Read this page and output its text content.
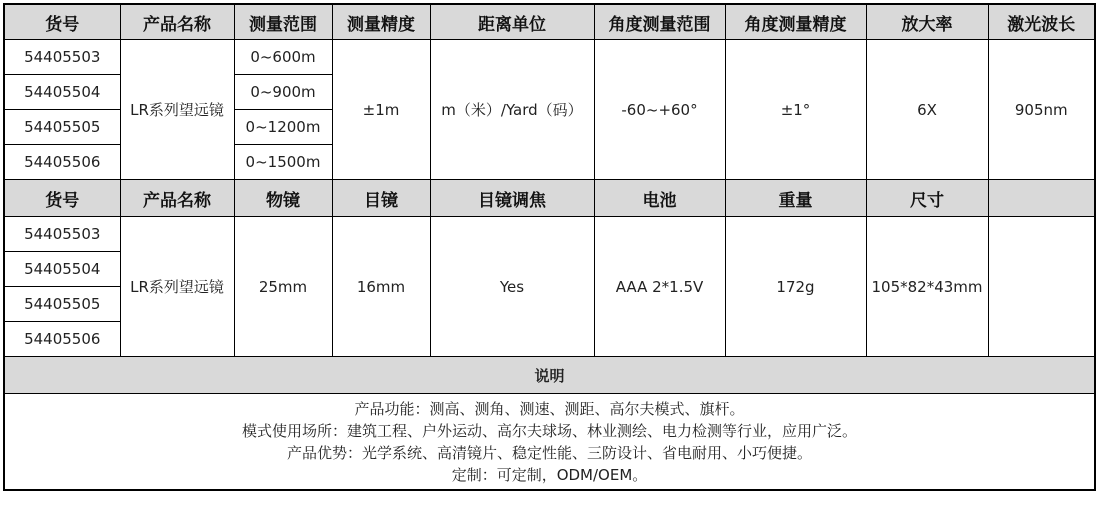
货号	产品名称	测量范围	测量精度	距离单位	角度测量范围	角度测量精度	放大率	激光波长
54405503	LR系列望远镜	0~600m	±1m	m（米）/Yard（码）	-60~+60°	±1°	6X	905nm
54405504		0~900m						
54405505		0~1200m						
54405506		0~1500m						
货号	产品名称	物镜	目镜	目镜调焦	电池	重量	尺寸	
54405503	LR系列望远镜	25mm	16mm	Yes	AAA 2*1.5V	172g	105*82*43mm	
54405504								
54405505								
54405506								
说明								

产品功能：测高、测角、测速、测距、高尔夫模式、旗杆。
模式使用场所：建筑工程、户外运动、高尔夫球场、林业测绘、电力检测等行业，应用广泛。
产品优势：光学系统、高清镜片、稳定性能、三防设计、省电耐用、小巧便捷。
定制：可定制，ODM/OEM。								
